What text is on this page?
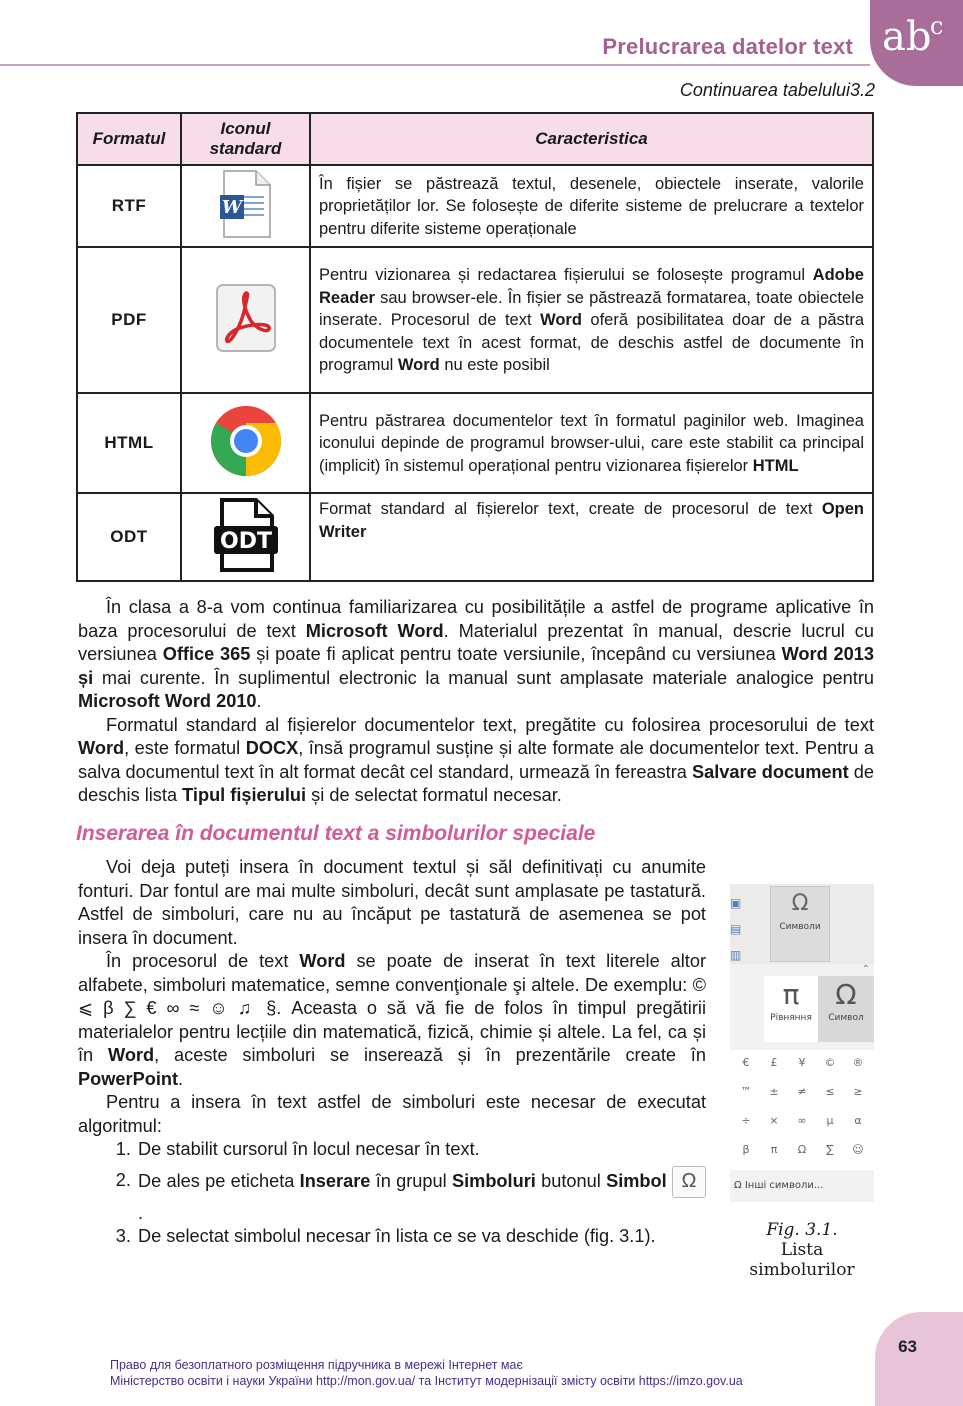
Prelucrarea datelor text ab
c
Continuarea tabelului3.2
Formatul	Iconul standard	Caracteristica
RTF	W	În fișier se păstrează textul, desenele, obiectele inserate, valorile proprietăților lor. Se folosește de diferite sisteme de prelucrare a textelor pentru diferite sisteme operaționale
PDF		Pentru vizionarea și redactarea fișierului se folosește programul Adobe Reader sau browser-ele. În fișier se păstrează formatarea, toate obiectele inserate. Procesorul de text Word oferă posibilitatea doar de a păstra documentele text în acest format, de deschis astfel de documente în programul Word nu este posibil
HTML		Pentru păstrarea documentelor text în formatul paginilor web. Imaginea iconului depinde de programul browser-ului, care este stabilit ca principal (implicit) în sistemul operațional pentru vizionarea fișierelor HTML
ODT	ODT	Format standard al fișierelor text, create de procesorul de text Open Writer

În clasa a 8-a vom continua familiarizarea cu posibilitățile a astfel de programe aplicative în baza procesorului de text Microsoft Word. Materialul prezentat în manual, descrie lucrul cu versiunea Office 365 și poate fi aplicat pentru toate versiunile, începând cu versiunea Word 2013 și mai curente. În suplimentul electronic la manual sunt amplasate materiale analogice pentru Microsoft Word 2010.

Formatul standard al fișierelor documentelor text, pregătite cu folosirea procesorului de text Word, este formatul DOCX, însă programul susține și alte formate ale documentelor text. Pentru a salva documentul text în alt format decât cel standard, urmează în fereastra Salvare document de deschis lista Tipul fișierului și de selectat formatul necesar.

Inserarea în documentul text a simbolurilor speciale

Voi deja puteți insera în document textul și săl definitivați cu anumite fonturi. Dar fontul are mai multe simboluri, decât sunt amplasate pe tastatură. Astfel de simboluri, care nu au încăput pe tastatură de asemenea se pot insera în document.

În procesorul de text Word se poate de inserat în text literele altor alfabete, simboluri matematice, semne convenţionale şi altele. De exemplu: © ⩽ β ∑ € ∞ ≈ ☺ ♫ §. Aceasta o să vă fie de folos în timpul pregătirii materialelor pentru lecțiile din matematică, fizică, chimie și altele. La fel, ca și în Word, aceste simboluri se inserează și în prezentările create în PowerPoint.

Pentru a insera în text astfel de simboluri este necesar de executat algoritmul:

1. De stabilit cursorul în locul necesar în text.
2. De ales pe eticheta Inserare în grupul Simboluri butonul Simbol Ω.
3. De selectat simbolul necesar în lista ce se va deschide (fig. 3.1).
▣
▤
▥
Ω
Символи
⌃
π
Рівняння
Ω
Символ
€	£	¥	©	®
™	±	≠	≤	≥
÷	×	∞	µ	α
β	π	Ω	∑	☺
Ω Інші символи...
Fig. 3.1.
Lista simbolurilor
63
Право для безоплатного розміщення підручника в мережі Інтернет має
Міністерство освіти і науки України http://mon.gov.ua/ та Інститут модернізації змісту освіти https://imzo.gov.ua
